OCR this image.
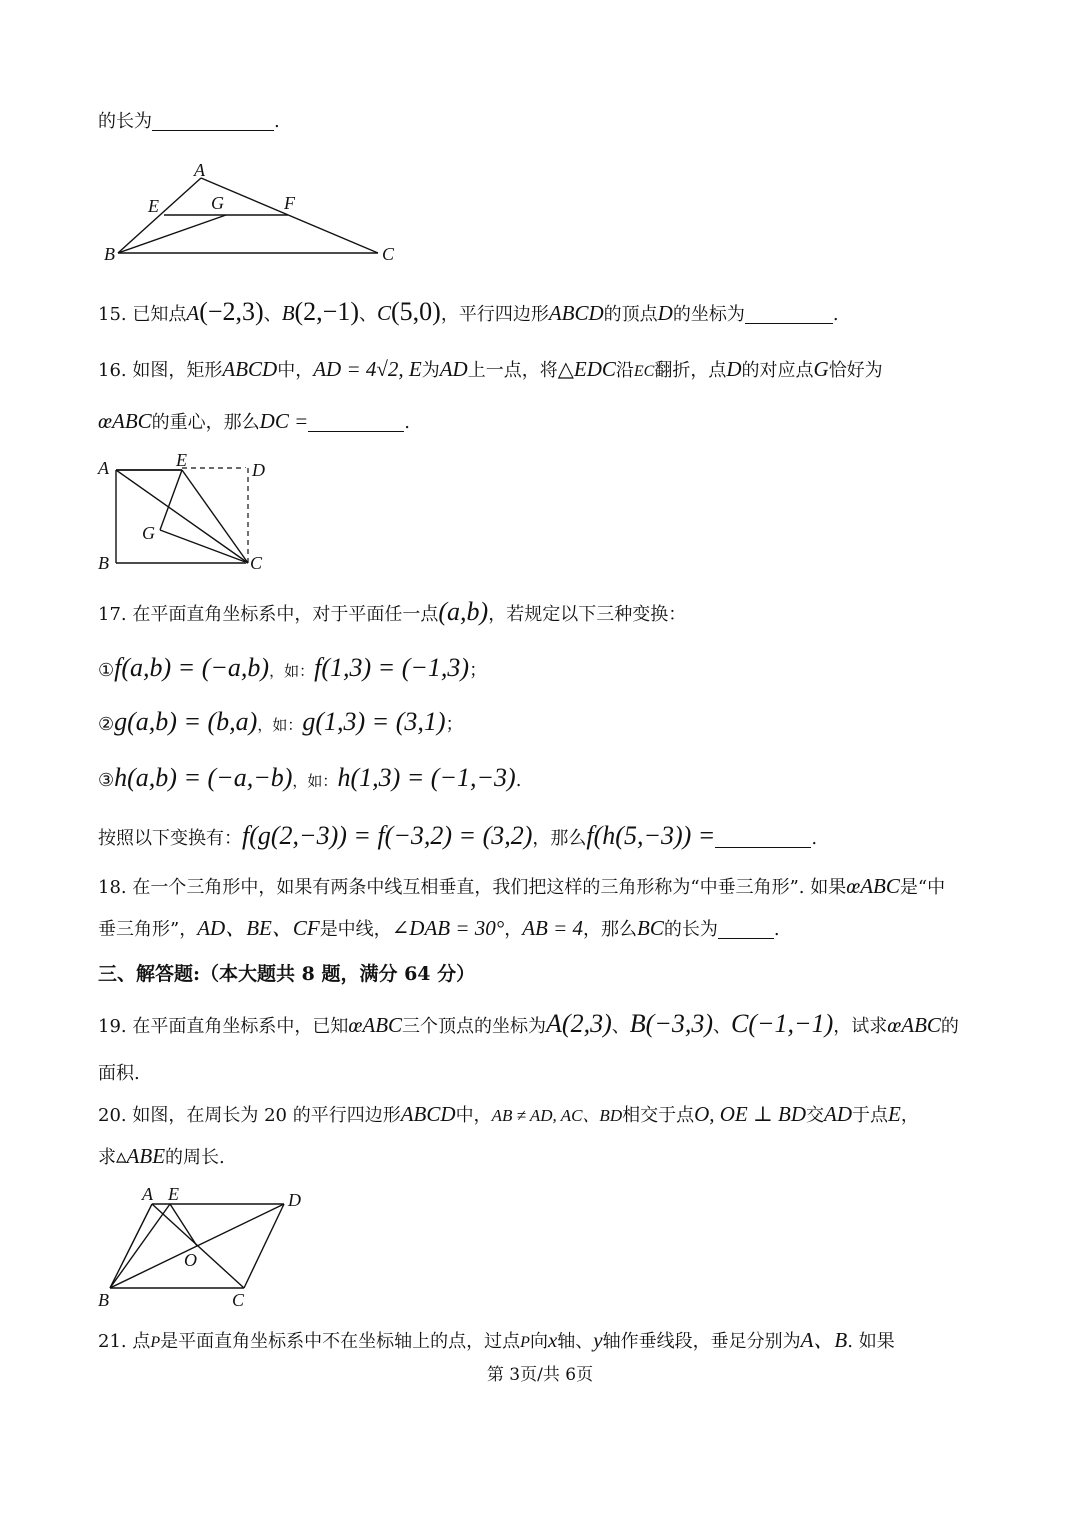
的长为	.
A
E	G	F
B	C
15. 已知点A(−2,3)、B(2,−1)、C(5,0)，平行四边形ABCD的顶点D的坐标为	.
16. 如图，矩形ABCD中，AD = 4√2, E为AD上一点，将△EDC沿EC翻折，点D的对应点G恰好为
œABC的重心，那么DC =	.
A	E	D
G
B	C
17. 在平面直角坐标系中，对于平面任一点(a,b)，若规定以下三种变换：
①f(a,b) = (−a,b)，如：f(1,3) = (−1,3)；
②g(a,b) = (b,a)，如：g(1,3) = (3,1)；
③h(a,b) = (−a,−b)，如：h(1,3) = (−1,−3).
按照以下变换有：f(g(2,−3)) = f(−3,2) = (3,2)，那么f(h(5,−3)) =	.
18. 在一个三角形中，如果有两条中线互相垂直，我们把这样的三角形称为“中垂三角形”. 如果œABC是“中
垂三角形”，AD、BE、CF是中线，∠DAB = 30°，AB = 4，那么BC的长为	.
三、解答题:（本大题共 8 题，满分 64 分）
19. 在平面直角坐标系中，已知œABC三个顶点的坐标为A(2,3)、B(−3,3)、C(−1,−1)，试求œABC的
面积.
20. 如图，在周长为 20 的平行四边形ABCD中，AB ≠ AD, AC、BD相交于点O, OE ⊥ BD交AD于点E，
求▵ABE的周长.
A E	D
O
B	C
21. 点P是平面直角坐标系中不在坐标轴上的点，过点P向x轴、y轴作垂线段，垂足分别为A、B. 如果
第 3页/共 6页
